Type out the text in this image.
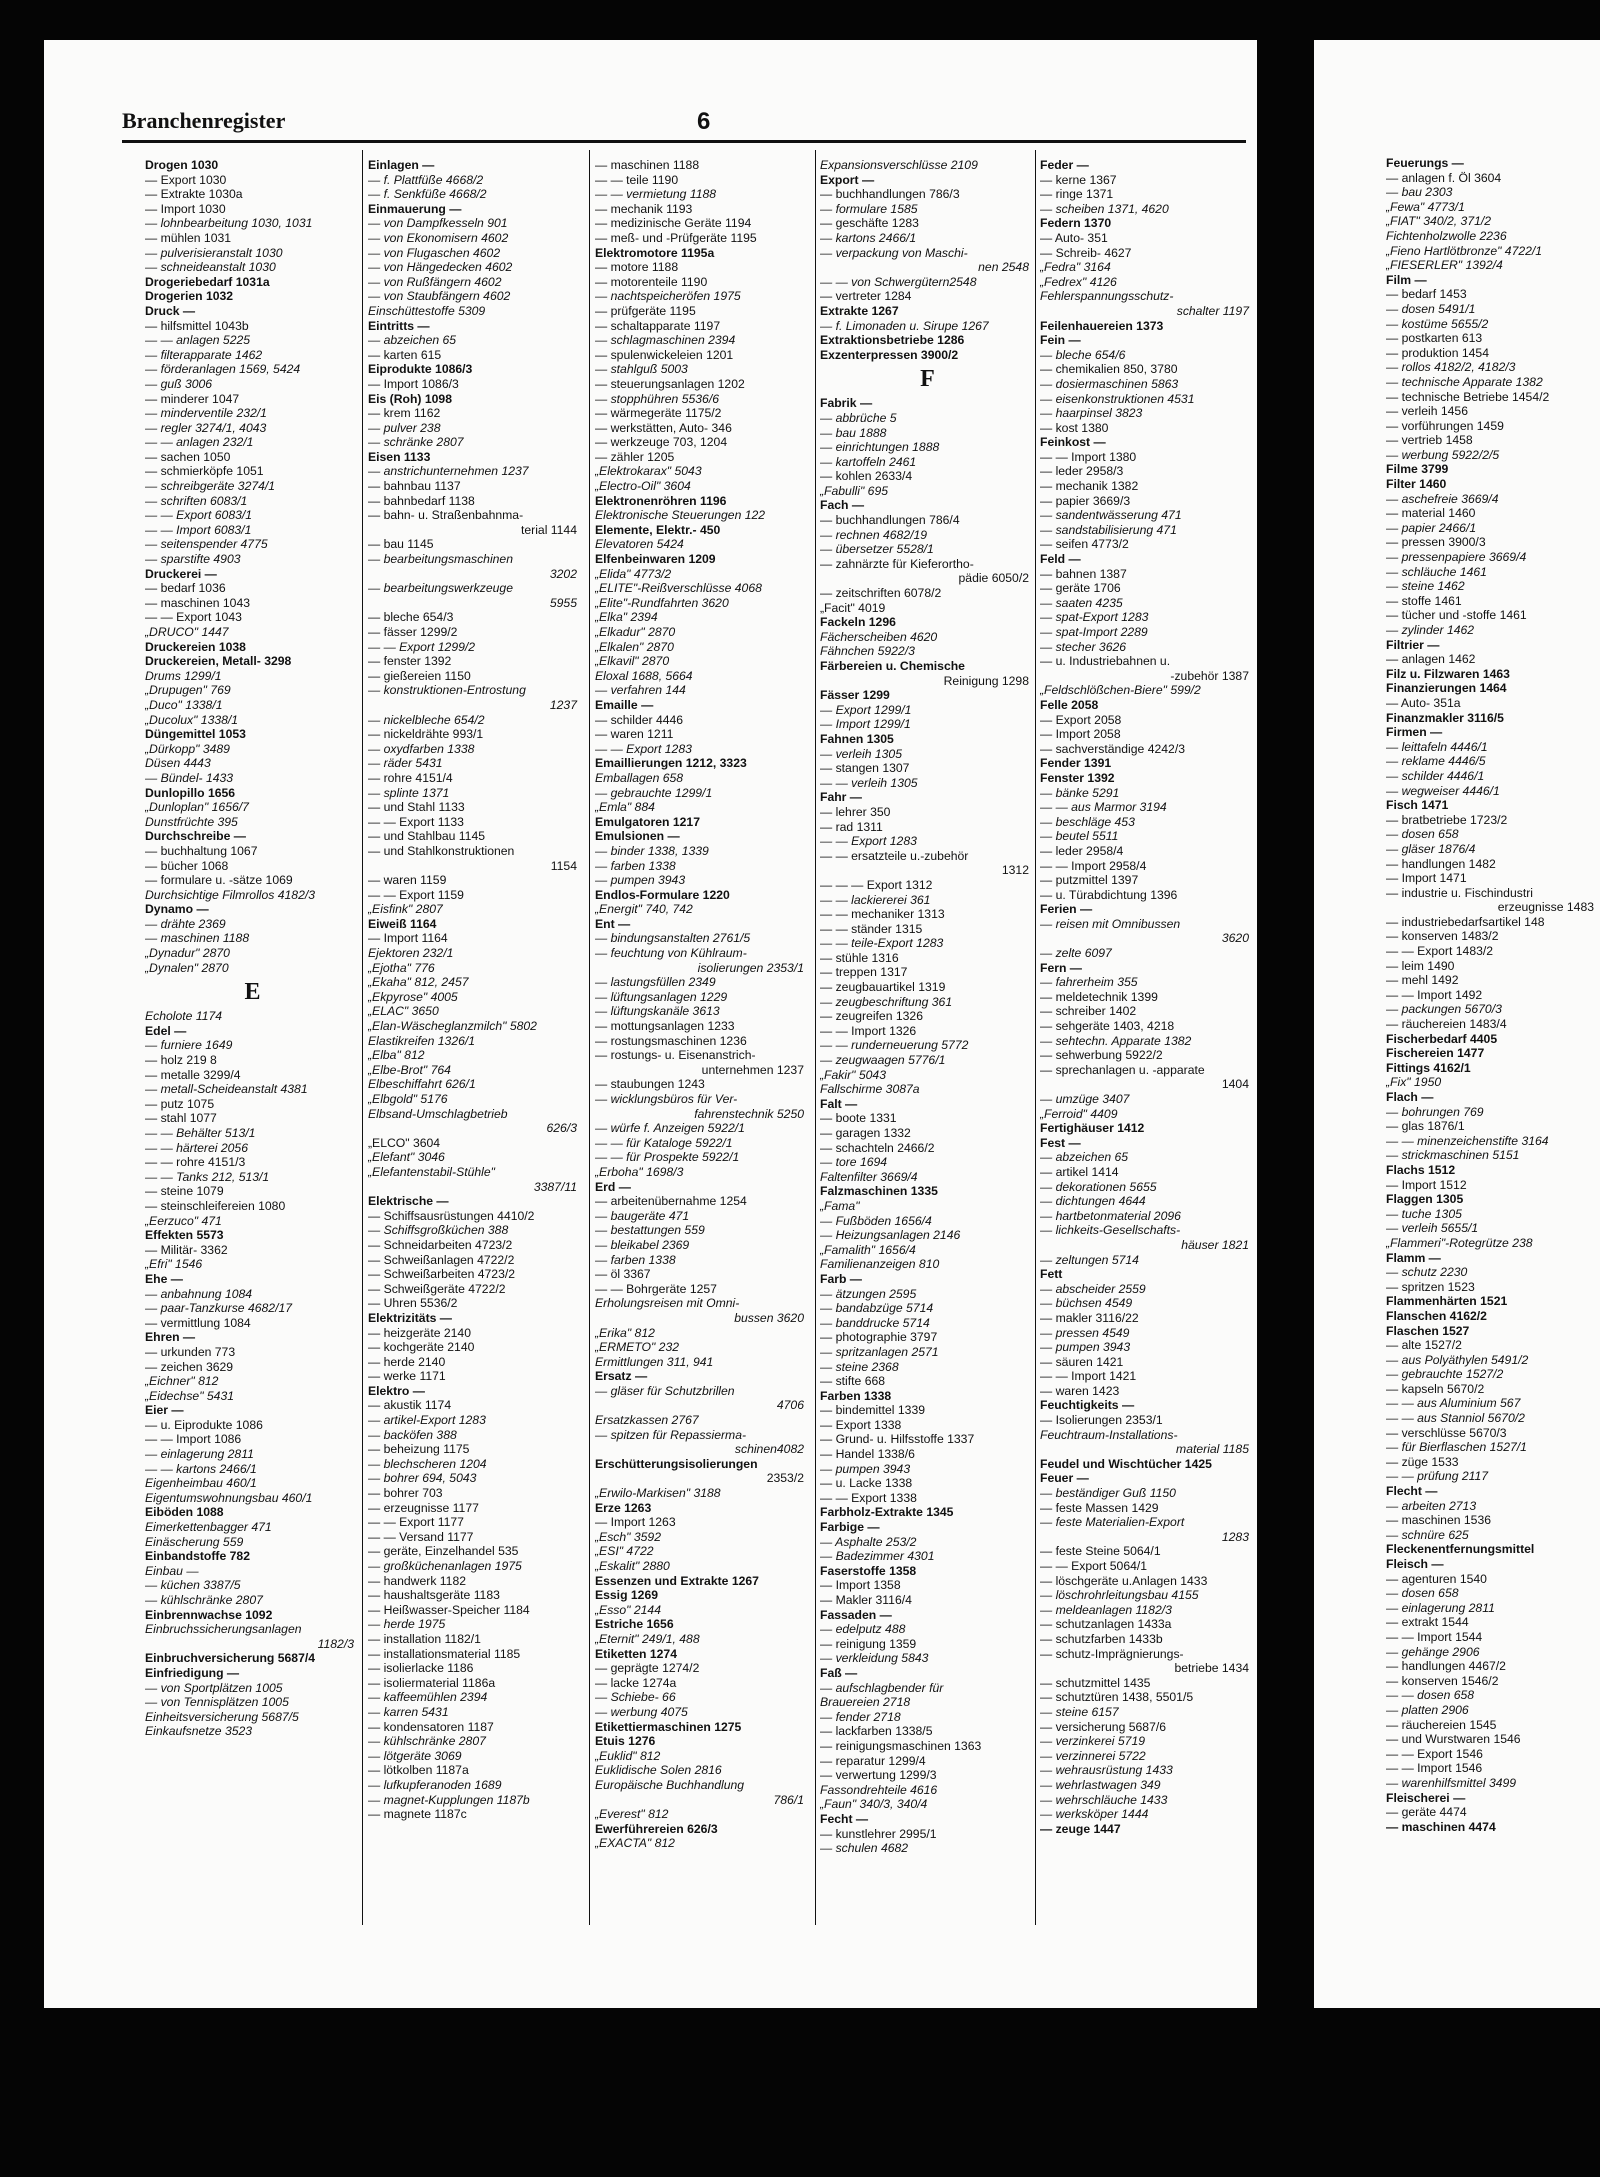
Branchenregister	6
Drogen 1030
— Export 1030
— Extrakte 1030a
— Import 1030
— lohnbearbeitung 1030, 1031
— mühlen 1031
— pulverisieranstalt 1030
— schneideanstalt 1030
Drogeriebedarf 1031a
Drogerien 1032
Druck —
— hilfsmittel 1043b
— — anlagen 5225
— filterapparate 1462
— förderanlagen 1569, 5424
— guß 3006
— minderer 1047
— minderventile 232/1
— regler 3274/1, 4043
— — anlagen 232/1
— sachen 1050
— schmierköpfe 1051
— schreibgeräte 3274/1
— schriften 6083/1
— — Export 6083/1
— — Import 6083/1
— seitenspender 4775
— sparstifte 4903
Druckerei —
— bedarf 1036
— maschinen 1043
— — Export 1043
„DRUCO" 1447
Druckereien 1038
Druckereien, Metall- 3298
Drums 1299/1
„Drupugen" 769
„Duco" 1338/1
„Ducolux" 1338/1
Düngemittel 1053
„Dürkopp" 3489
Düsen 4443
— Bündel- 1433
Dunlopillo 1656
„Dunloplan" 1656/7
Dunstfrüchte 395
Durchschreibe —
— buchhaltung 1067
— bücher 1068
— formulare u. -sätze 1069
Durchsichtige Filmrollos 4182/3
Dynamo —
— drähte 2369
— maschinen 1188
„Dynadur" 2870
„Dynalen" 2870
E
Echolote 1174
Edel —
— furniere 1649
— holz 219 8
— metalle 3299/4
— metall-Scheideanstalt 4381
— putz 1075
— stahl 1077
— — Behälter 513/1
— — härterei 2056
— — rohre 4151/3
— — Tanks 212, 513/1
— steine 1079
— steinschleifereien 1080
„Eerzuco" 471
Effekten 5573
— Militär- 3362
„Efri" 1546
Ehe —
— anbahnung 1084
— paar-Tanzkurse 4682/17
— vermittlung 1084
Ehren —
— urkunden 773
— zeichen 3629
„Eichner" 812
„Eidechse" 5431
Eier —
— u. Eiprodukte 1086
— — Import 1086
— einlagerung 2811
— — kartons 2466/1
Eigenheimbau 460/1
Eigentumswohnungsbau 460/1
Eiböden 1088
Eimerkettenbagger 471
Einäscherung 559
Einbandstoffe 782
Einbau —
— küchen 3387/5
— kühlschränke 2807
Einbrennwachse 1092
Einbruchssicherungsanlagen
1182/3
Einbruchversicherung 5687/4
Einfriedigung —
— von Sportplätzen 1005
— von Tennisplätzen 1005
Einheitsversicherung 5687/5
Einkaufsnetze 3523
Einlagen —
— f. Plattfüße 4668/2
— f. Senkfüße 4668/2
Einmauerung —
— von Dampfkesseln 901
— von Ekonomisern 4602
— von Flugaschen 4602
— von Hängedecken 4602
— von Rußfängern 4602
— von Staubfängern 4602
Einschüttestoffe 5309
Eintritts —
— abzeichen 65
— karten 615
Eiprodukte 1086/3
— Import 1086/3
Eis (Roh) 1098
— krem 1162
— pulver 238
— schränke 2807
Eisen 1133
— anstrichunternehmen 1237
— bahnbau 1137
— bahnbedarf 1138
— bahn- u. Straßenbahnma-
terial 1144
— bau 1145
— bearbeitungsmaschinen
3202
— bearbeitungswerkzeuge
5955
— bleche 654/3
— fässer 1299/2
— — Export 1299/2
— fenster 1392
— gießereien 1150
— konstruktionen-Entrostung
1237
— nickelbleche 654/2
— nickeldrähte 993/1
— oxydfarben 1338
— räder 5431
— rohre 4151/4
— splinte 1371
— und Stahl 1133
— — Export 1133
— und Stahlbau 1145
— und Stahlkonstruktionen
1154
— waren 1159
— — Export 1159
„Eisfink" 2807
Eiweiß 1164
— Import 1164
Ejektoren 232/1
„Ejotha" 776
„Ekaha" 812, 2457
„Ekpyrose" 4005
„ELAC" 3650
„Elan-Wäscheglanzmilch" 5802
Elastikreifen 1326/1
„Elba" 812
„Elbe-Brot" 764
Elbeschiffahrt 626/1
„Elbgold" 5176
Elbsand-Umschlagbetrieb
626/3
„ELCO" 3604
„Elefant" 3046
„Elefantenstabil-Stühle"
3387/11
Elektrische —
— Schiffsausrüstungen 4410/2
— Schiffsgroßküchen 388
— Schneidarbeiten 4723/2
— Schweißanlagen 4722/2
— Schweißarbeiten 4723/2
— Schweißgeräte 4722/2
— Uhren 5536/2
Elektrizitäts —
— heizgeräte 2140
— kochgeräte 2140
— herde 2140
— werke 1171
Elektro —
— akustik 1174
— artikel-Export 1283
— backöfen 388
— beheizung 1175
— blechscheren 1204
— bohrer 694, 5043
— bohrer 703
— erzeugnisse 1177
— — Export 1177
— — Versand 1177
— geräte, Einzelhandel 535
— großküchenanlagen 1975
— handwerk 1182
— haushaltsgeräte 1183
— Heißwasser-Speicher 1184
— herde 1975
— installation 1182/1
— installationsmaterial 1185
— isolierlacke 1186
— isoliermaterial 1186a
— kaffeemühlen 2394
— karren 5431
— kondensatoren 1187
— kühlschränke 2807
— lötgeräte 3069
— lötkolben 1187a
— lufkupferanoden 1689
— magnet-Kupplungen 1187b
— magnete 1187c
— maschinen 1188
— — teile 1190
— — vermietung 1188
— mechanik 1193
— medizinische Geräte 1194
— meß- und -Prüfgeräte 1195
Elektromotore 1195a
— motore 1188
— motorenteile 1190
— nachtspeicheröfen 1975
— prüfgeräte 1195
— schaltapparate 1197
— schlagmaschinen 2394
— spulenwickeleien 1201
— stahlguß 5003
— steuerungsanlagen 1202
— stopphühren 5536/6
— wärmegeräte 1175/2
— werkstätten, Auto- 346
— werkzeuge 703, 1204
— zähler 1205
„Elektrokarax" 5043
„Electro-Oil" 3604
Elektronenröhren 1196
Elektronische Steuerungen 122
Elemente, Elektr.- 450
Elevatoren 5424
Elfenbeinwaren 1209
„Elida" 4773/2
„ELITE"-Reißverschlüsse 4068
„Elite"-Rundfahrten 3620
„Elka" 2394
„Elkadur" 2870
„Elkalen" 2870
„Elkavil" 2870
Eloxal 1688, 5664
— verfahren 144
Emaille —
— schilder 4446
— waren 1211
— — Export 1283
Emaillierungen 1212, 3323
Emballagen 658
— gebrauchte 1299/1
„Emla" 884
Emulgatoren 1217
Emulsionen —
— binder 1338, 1339
— farben 1338
— pumpen 3943
Endlos-Formulare 1220
„Energit" 740, 742
Ent —
— bindungsanstalten 2761/5
— feuchtung von Kühlraum-
isolierungen 2353/1
— lastungsfüllen 2349
— lüftungsanlagen 1229
— lüftungskanäle 3613
— mottungsanlagen 1233
— rostungsmaschinen 1236
— rostungs- u. Eisenanstrich-
unternehmen 1237
— staubungen 1243
— wicklungsbüros für Ver-
fahrenstechnik 5250
— würfe f. Anzeigen 5922/1
— — für Kataloge 5922/1
— — für Prospekte 5922/1
„Erboha" 1698/3
Erd —
— arbeitenübernahme 1254
— baugeräte 471
— bestattungen 559
— bleikabel 2369
— farben 1338
— öl 3367
— — Bohrgeräte 1257
Erholungsreisen mit Omni-
bussen 3620
„Erika" 812
„ERMETO" 232
Ermittlungen 311, 941
Ersatz —
— gläser für Schutzbrillen
4706
Ersatzkassen 2767
— spitzen für Repassierma-
schinen4082
Erschütterungsisolierungen
2353/2
„Erwilo-Markisen" 3188
Erze 1263
— Import 1263
„Esch" 3592
„ESI" 4722
„Eskalit" 2880
Essenzen und Extrakte 1267
Essig 1269
„Esso" 2144
Estriche 1656
„Eternit" 249/1, 488
Etiketten 1274
— geprägte 1274/2
— lacke 1274a
— Schiebe- 66
— werbung 4075
Etikettiermaschinen 1275
Etuis 1276
„Euklid" 812
Euklidische Solen 2816
Europäische Buchhandlung
786/1
„Everest" 812
Ewerführereien 626/3
„EXACTA" 812
Expansionsverschlüsse 2109
Export —
— buchhandlungen 786/3
— formulare 1585
— geschäfte 1283
— kartons 2466/1
— verpackung von Maschi-
nen 2548
— — von Schwergütern2548
— vertreter 1284
Extrakte 1267
— f. Limonaden u. Sirupe 1267
Extraktionsbetriebe 1286
Exzenterpressen 3900/2
F
Fabrik —
— abbrüche 5
— bau 1888
— einrichtungen 1888
— kartoffeln 2461
— kohlen 2633/4
„Fabulli" 695
Fach —
— buchhandlungen 786/4
— rechnen 4682/19
— übersetzer 5528/1
— zahnärzte für Kieferortho-
pädie 6050/2
— zeitschriften 6078/2
„Facit" 4019
Fackeln 1296
Fächerscheiben 4620
Fähnchen 5922/3
Färbereien u. Chemische
Reinigung 1298
Fässer 1299
— Export 1299/1
— Import 1299/1
Fahnen 1305
— verleih 1305
— stangen 1307
— — verleih 1305
Fahr —
— lehrer 350
— rad 1311
— — Export 1283
— — ersatzteile u.-zubehör
1312
— — — Export 1312
— — lackiererei 361
— — mechaniker 1313
— — ständer 1315
— — teile-Export 1283
— stühle 1316
— treppen 1317
— zeugbauartikel 1319
— zeugbeschriftung 361
— zeugreifen 1326
— — Import 1326
— — runderneuerung 5772
— zeugwaagen 5776/1
„Fakir" 5043
Fallschirme 3087a
Falt —
— boote 1331
— garagen 1332
— schachteln 2466/2
— tore 1694
Faltenfilter 3669/4
Falzmaschinen 1335
„Fama"
— Fußböden 1656/4
— Heizungsanlagen 2146
„Famalith" 1656/4
Familienanzeigen 810
Farb —
— ätzungen 2595
— bandabzüge 5714
— banddrucke 5714
— photographie 3797
— spritzanlagen 2571
— steine 2368
— stifte 668
Farben 1338
— bindemittel 1339
— Export 1338
— Grund- u. Hilfsstoffe 1337
— Handel 1338/6
— pumpen 3943
— u. Lacke 1338
— — Export 1338
Farbholz-Extrakte 1345
Farbige —
— Asphalte 253/2
— Badezimmer 4301
Faserstoffe 1358
— Import 1358
— Makler 3116/4
Fassaden —
— edelputz 488
— reinigung 1359
— verkleidung 5843
Faß —
— aufschlagbender für
Brauereien 2718
— fender 2718
— lackfarben 1338/5
— reinigungsmaschinen 1363
— reparatur 1299/4
— verwertung 1299/3
Fassondrehteile 4616
„Faun" 340/3, 340/4
Fecht —
— kunstlehrer 2995/1
— schulen 4682
Feder —
— kerne 1367
— ringe 1371
— scheiben 1371, 4620
Federn 1370
— Auto- 351
— Schreib- 4627
„Fedra" 3164
„Fedrex" 4126
Fehlerspannungsschutz-
schalter 1197
Feilenhauereien 1373
Fein —
— bleche 654/6
— chemikalien 850, 3780
— dosiermaschinen 5863
— eisenkonstruktionen 4531
— haarpinsel 3823
— kost 1380
Feinkost —
— — Import 1380
— leder 2958/3
— mechanik 1382
— papier 3669/3
— sandentwässerung 471
— sandstabilisierung 471
— seifen 4773/2
Feld —
— bahnen 1387
— geräte 1706
— saaten 4235
— spat-Export 1283
— spat-Import 2289
— stecher 3626
— u. Industriebahnen u.
-zubehör 1387
„Feldschlößchen-Biere" 599/2
Felle 2058
— Export 2058
— Import 2058
— sachverständige 4242/3
Fender 1391
Fenster 1392
— bänke 5291
— — aus Marmor 3194
— beschläge 453
— beutel 5511
— leder 2958/4
— — Import 2958/4
— putzmittel 1397
— u. Türabdichtung 1396
Ferien —
— reisen mit Omnibussen
3620
— zelte 6097
Fern —
— fahrerheim 355
— meldetechnik 1399
— schreiber 1402
— sehgeräte 1403, 4218
— sehtechn. Apparate 1382
— sehwerbung 5922/2
— sprechanlagen u. -apparate
1404
— umzüge 3407
„Ferroid" 4409
Fertighäuser 1412
Fest —
— abzeichen 65
— artikel 1414
— dekorationen 5655
— dichtungen 4644
— hartbetonmaterial 2096
— lichkeits-Gesellschafts-
häuser 1821
— zeltungen 5714
Fett
— abscheider 2559
— büchsen 4549
— makler 3116/22
— pressen 4549
— pumpen 3943
— säuren 1421
— — Import 1421
— waren 1423
Feuchtigkeits —
— Isolierungen 2353/1
Feuchtraum-Installations-
material 1185
Feudel und Wischtücher 1425
Feuer —
— beständiger Guß 1150
— feste Massen 1429
— feste Materialien-Export
1283
— feste Steine 5064/1
— — Export 5064/1
— löschgeräte u.Anlagen 1433
— löschrohrleitungsbau 4155
— meldeanlagen 1182/3
— schutzanlagen 1433a
— schutzfarben 1433b
— schutz-Imprägnierungs-
betriebe 1434
— schutzmittel 1435
— schutztüren 1438, 5501/5
— steine 6157
— versicherung 5687/6
— verzinkerei 5719
— verzinnerei 5722
— wehrausrüstung 1433
— wehrlastwagen 349
— wehrschläuche 1433
— werksköper 1444
— zeuge 1447
Feuerungs —
— anlagen f. Öl 3604
— bau 2303
„Fewa" 4773/1
„FIAT" 340/2, 371/2
Fichtenholzwolle 2236
„Fieno Hartlötbronze" 4722/1
„FIESERLER" 1392/4
Film —
— bedarf 1453
— dosen 5491/1
— kostüme 5655/2
— postkarten 613
— produktion 1454
— rollos 4182/2, 4182/3
— technische Apparate 1382
— technische Betriebe 1454/2
— verleih 1456
— vorführungen 1459
— vertrieb 1458
— werbung 5922/2/5
Filme 3799
Filter 1460
— aschefreie 3669/4
— material 1460
— papier 2466/1
— pressen 3900/3
— pressenpapiere 3669/4
— schläuche 1461
— steine 1462
— stoffe 1461
— tücher und -stoffe 1461
— zylinder 1462
Filtrier —
— anlagen 1462
Filz u. Filzwaren 1463
Finanzierungen 1464
— Auto- 351a
Finanzmakler 3116/5
Firmen —
— leittafeln 4446/1
— reklame 4446/5
— schilder 4446/1
— wegweiser 4446/1
Fisch 1471
— bratbetriebe 1723/2
— dosen 658
— gläser 1876/4
— handlungen 1482
— Import 1471
— industrie u. Fischindustri
erzeugnisse 1483
— industriebedarfsartikel 148
— konserven 1483/2
— — Export 1483/2
— leim 1490
— mehl 1492
— — Import 1492
— packungen 5670/3
— räuchereien 1483/4
Fischerbedarf 4405
Fischereien 1477
Fittings 4162/1
„Fix" 1950
Flach —
— bohrungen 769
— glas 1876/1
— — minenzeichenstifte 3164
— strickmaschinen 5151
Flachs 1512
— Import 1512
Flaggen 1305
— tuche 1305
— verleih 5655/1
„Flammeri"-Rotegrütze 238
Flamm —
— schutz 2230
— spritzen 1523
Flammenhärten 1521
Flanschen 4162/2
Flaschen 1527
— alte 1527/2
— aus Polyäthylen 5491/2
— gebrauchte 1527/2
— kapseln 5670/2
— — aus Aluminium 567
— — aus Stanniol 5670/2
— verschlüsse 5670/3
— für Bierflaschen 1527/1
— züge 1533
— — prüfung 2117
Flecht —
— arbeiten 2713
— maschinen 1536
— schnüre 625
Fleckenentfernungsmittel
Fleisch —
— agenturen 1540
— dosen 658
— einlagerung 2811
— extrakt 1544
— — Import 1544
— gehänge 2906
— handlungen 4467/2
— konserven 1546/2
— — dosen 658
— platten 2906
— räuchereien 1545
— und Wurstwaren 1546
— — Export 1546
— — Import 1546
— warenhilfsmittel 3499
Fleischerei —
— geräte 4474
— maschinen 4474
